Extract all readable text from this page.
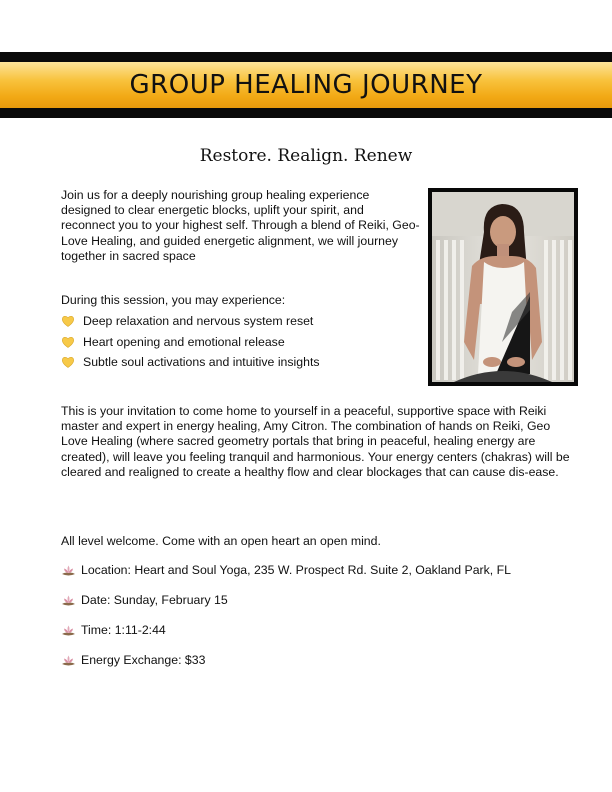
GROUP HEALING JOURNEY
Restore. Realign. Renew

Join us for a deeply nourishing group healing experience designed to clear energetic blocks, uplift your spirit, and reconnect you to your highest self. Through a blend of Reiki, Geo-Love Healing, and guided energetic alignment, we will journey together in sacred space

During this session, you may experience:

Deep relaxation and nervous system reset
Heart opening and emotional release
Subtle soul activations and intuitive insights

This is your invitation to come home to yourself in a peaceful, supportive space with Reiki master and expert in energy healing, Amy Citron. The combination of hands on Reiki, Geo Love Healing (where sacred geometry portals that bring in peaceful, healing energy are created), will leave you feeling tranquil and harmonious. Your energy centers (chakras) will be cleared and realigned to create a healthy flow and clear blockages that can cause dis-ease.

All level welcome. Come with an open heart an open mind.

Location: Heart and Soul Yoga, 235 W. Prospect Rd. Suite 2, Oakland Park, FL
Date: Sunday, February 15
Time: 1:11-2:44
Energy Exchange: $33
